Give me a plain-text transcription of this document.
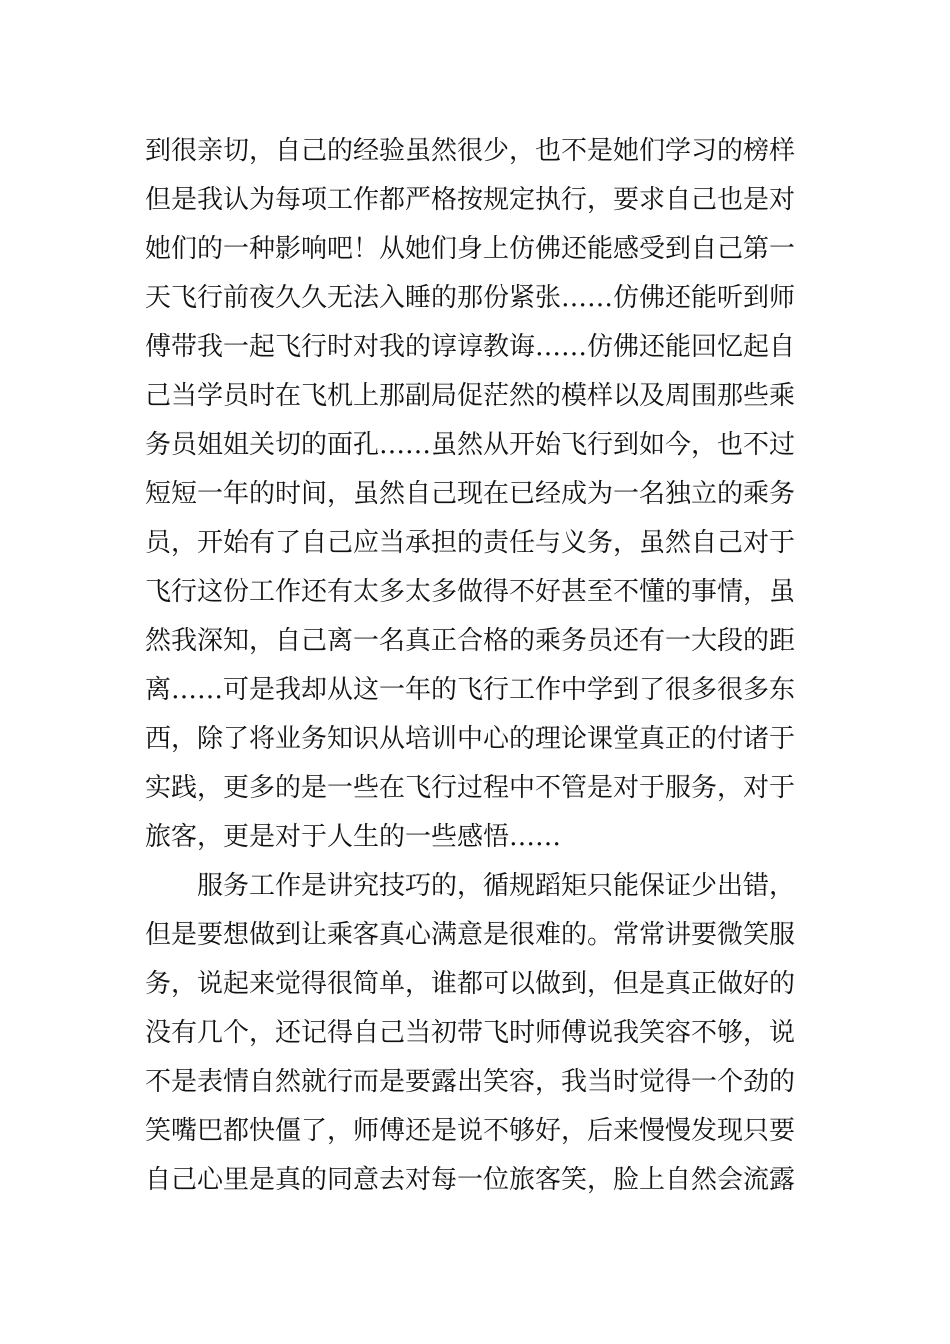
到很亲切，自己的经验虽然很少，也不是她们学习的榜样
但是我认为每项工作都严格按规定执行，要求自己也是对
她们的一种影响吧！从她们身上仿佛还能感受到自己第一
天飞行前夜久久无法入睡的那份紧张……仿佛还能听到师
傅带我一起飞行时对我的谆谆教诲……仿佛还能回忆起自
己当学员时在飞机上那副局促茫然的模样以及周围那些乘
务员姐姐关切的面孔……虽然从开始飞行到如今，也不过
短短一年的时间，虽然自己现在已经成为一名独立的乘务
员，开始有了自己应当承担的责任与义务，虽然自己对于
飞行这份工作还有太多太多做得不好甚至不懂的事情，虽
然我深知，自己离一名真正合格的乘务员还有一大段的距
离……可是我却从这一年的飞行工作中学到了很多很多东
西，除了将业务知识从培训中心的理论课堂真正的付诸于
实践，更多的是一些在飞行过程中不管是对于服务，对于
旅客，更是对于人生的一些感悟……
服务工作是讲究技巧的，循规蹈矩只能保证少出错，
但是要想做到让乘客真心满意是很难的。常常讲要微笑服
务，说起来觉得很简单，谁都可以做到，但是真正做好的
没有几个，还记得自己当初带飞时师傅说我笑容不够，说
不是表情自然就行而是要露出笑容，我当时觉得一个劲的
笑嘴巴都快僵了，师傅还是说不够好，后来慢慢发现只要
自己心里是真的同意去对每一位旅客笑，脸上自然会流露
